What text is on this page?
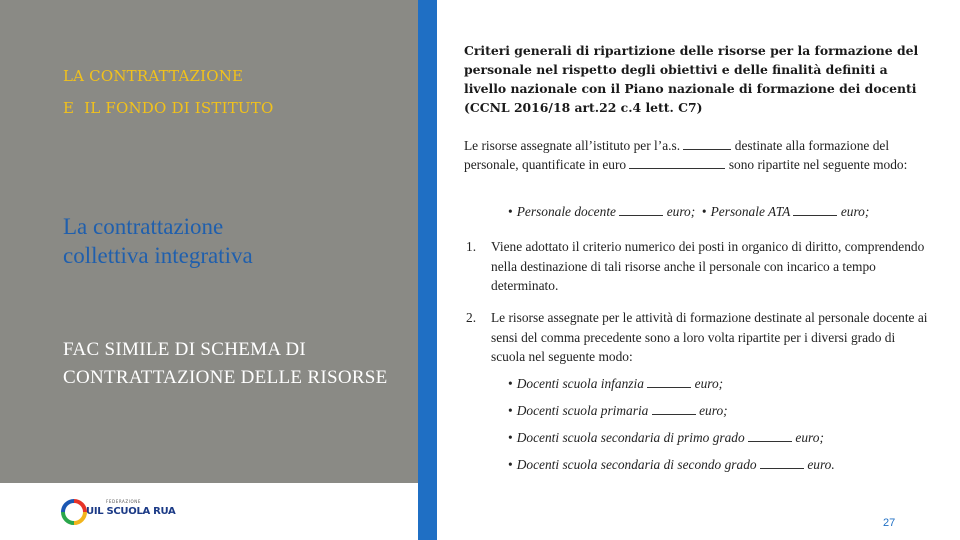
LA CONTRATTAZIONE
E  IL FONDO DI ISTITUTO
La contrattazione
collettiva integrativa
FAC SIMILE DI SCHEMA DI CONTRATTAZIONE DELLE RISORSE
FEDERAZIONE
UIL SCUOLA RUA

Criteri generali di ripartizione delle risorse per la formazione del personale nel rispetto degli obiettivi e delle finalità definiti a livello nazionale con il Piano nazionale di formazione dei docenti (CCNL 2016/18 art.22 c.4 lett. C7)

Le risorse assegnate all’istituto per l’a.s.	destinate alla formazione del personale, quantificate in euro	sono ripartite nel seguente modo:

• Personale docente	euro; • Personale ATA	euro;
1. Viene adottato il criterio numerico dei posti in organico di diritto, comprendendo nella destinazione di tali risorse anche il personale con incarico a tempo determinato.
2. Le risorse assegnate per le attività di formazione destinate al personale docente ai sensi del comma precedente sono a loro volta ripartite per i diversi grado di scuola nel seguente modo:
• Docenti scuola infanzia	euro;
• Docenti scuola primaria	euro;
• Docenti scuola secondaria di primo grado	euro;
• Docenti scuola secondaria di secondo grado	euro.
27
